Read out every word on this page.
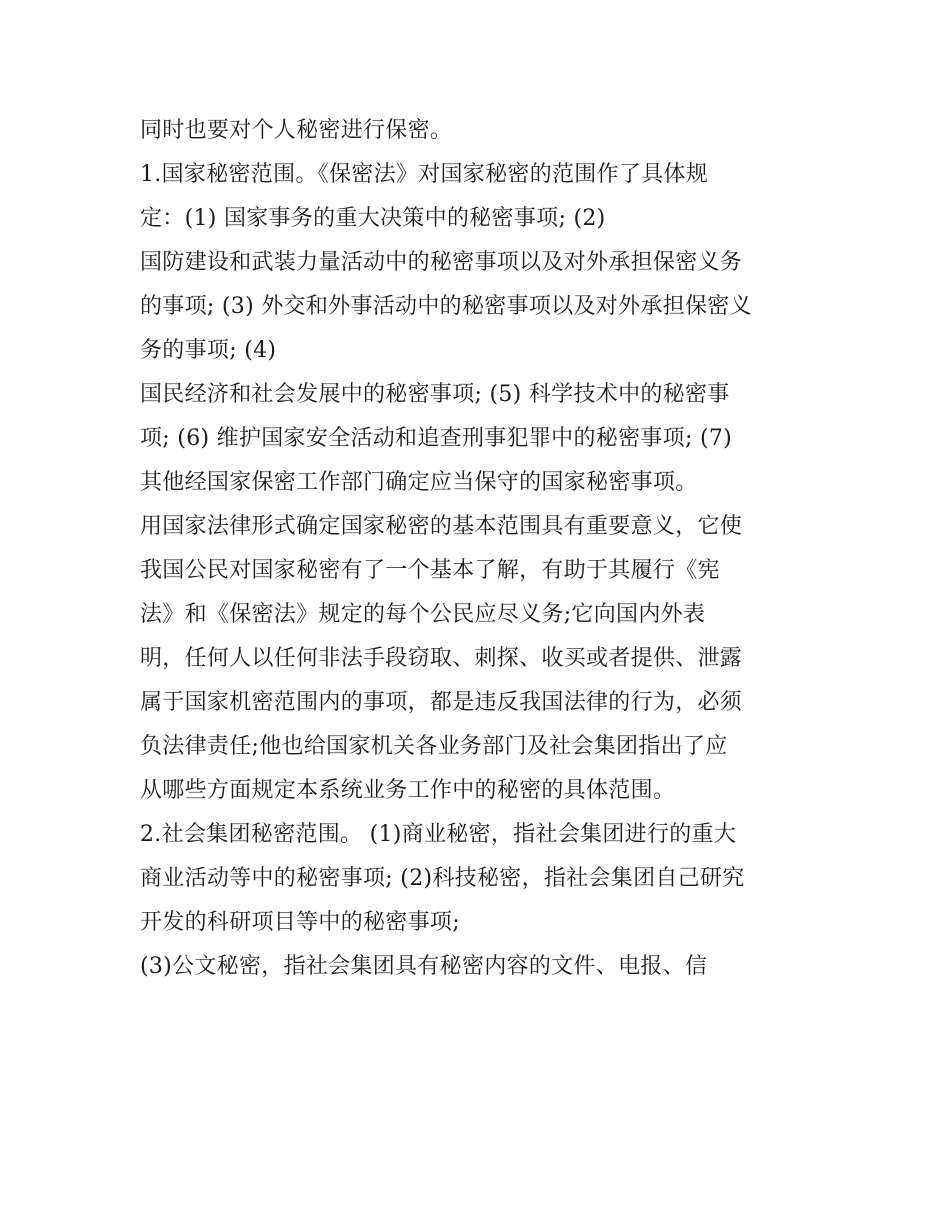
同时也要对个人秘密进行保密。
1.国家秘密范围。《保密法》对国家秘密的范围作了具体规
定：(1) 国家事务的重大决策中的秘密事项; (2)
国防建设和武装力量活动中的秘密事项以及对外承担保密义务
的事项; (3) 外交和外事活动中的秘密事项以及对外承担保密义
务的事项; (4)
国民经济和社会发展中的秘密事项; (5) 科学技术中的秘密事
项; (6) 维护国家安全活动和追查刑事犯罪中的秘密事项; (7)
其他经国家保密工作部门确定应当保守的国家秘密事项。
用国家法律形式确定国家秘密的基本范围具有重要意义，它使
我国公民对国家秘密有了一个基本了解，有助于其履行《宪
法》和《保密法》规定的每个公民应尽义务;它向国内外表
明，任何人以任何非法手段窃取、刺探、收买或者提供、泄露
属于国家机密范围内的事项，都是违反我国法律的行为，必须
负法律责任;他也给国家机关各业务部门及社会集团指出了应
从哪些方面规定本系统业务工作中的秘密的具体范围。
2.社会集团秘密范围。 (1)商业秘密，指社会集团进行的重大
商业活动等中的秘密事项; (2)科技秘密，指社会集团自己研究
开发的科研项目等中的秘密事项;
(3)公文秘密，指社会集团具有秘密内容的文件、电报、信
